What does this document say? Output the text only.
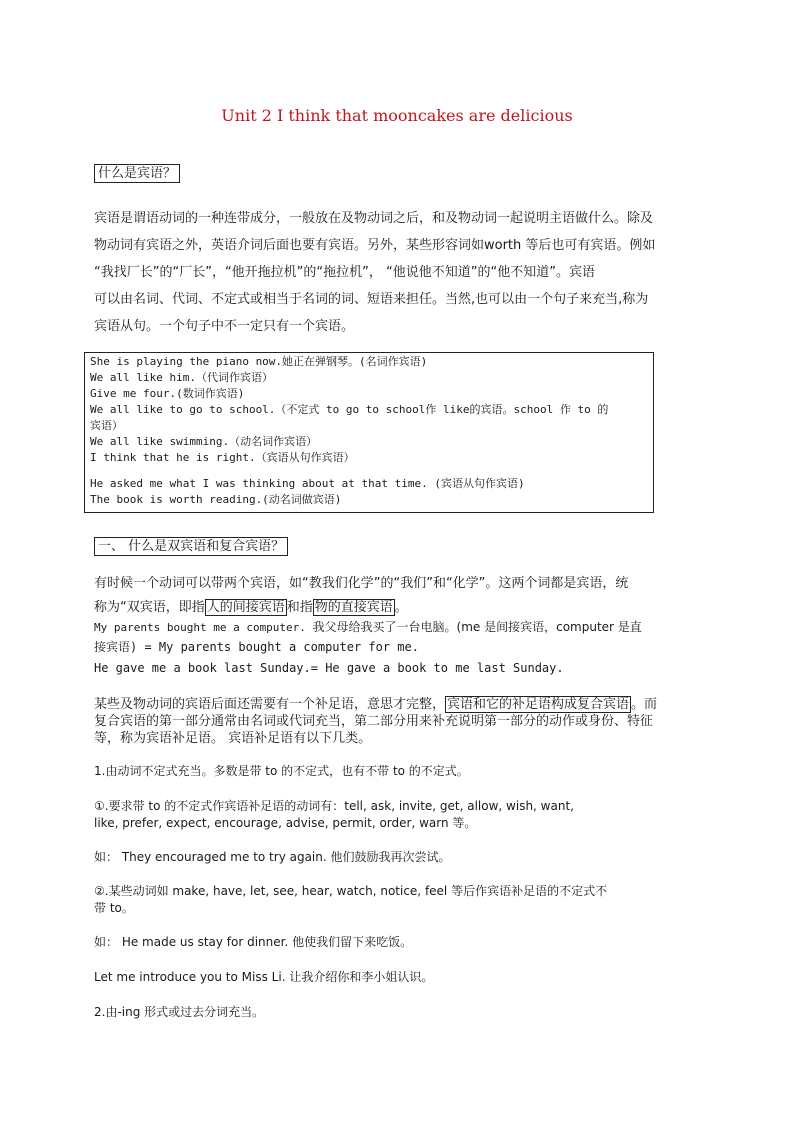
Unit 2 I think that mooncakes are delicious
什么是宾语？

宾语是谓语动词的一种连带成分，一般放在及物动词之后，和及物动词一起说明主语做什么。除及

物动词有宾语之外，英语介词后面也要有宾语。另外，某些形容词如worth 等后也可有宾语。例如

“我找厂长”的“厂长”，“他开拖拉机”的“拖拉机”， “他说他不知道”的“他不知道”。宾语

可以由名词、代词、不定式或相当于名词的词、短语来担任。当然,也可以由一个句子来充当,称为

宾语从句。一个句子中不一定只有一个宾语。

She is playing the piano now.她正在弹钢琴。(名词作宾语)
We all like him.（代词作宾语）
Give me four.(数词作宾语)
We all like to go to school.（不定式 to go to school作 like的宾语。school 作 to 的
宾语）
We all like swimming.（动名词作宾语）
I think that he is right.（宾语从句作宾语）
He asked me what I was thinking about at that time. (宾语从句作宾语)
The book is worth reading.(动名词做宾语)
一、 什么是双宾语和复合宾语？

有时候一个动词可以带两个宾语，如“教我们化学”的“我们”和“化学”。这两个词都是宾语，统

称为“双宾语，即指 人的间接宾语 和指 物的直接宾语 。

My parents bought me a computer. 我父母给我买了一台电脑。(me 是间接宾语，computer 是直

接宾语) = My parents bought a computer for me.

He gave me a book last Sunday.= He gave a book to me last Sunday.

某些及物动词的宾语后面还需要有一个补足语，意思才完整， 宾语和它的补足语构成复合宾语 。而

复合宾语的第一部分通常由名词或代词充当，第二部分用来补充说明第一部分的动作或身份、特征

等，称为宾语补足语。 宾语补足语有以下几类。

1.由动词不定式充当。多数是带 to 的不定式，也有不带 to 的不定式。

①.要求带 to 的不定式作宾语补足语的动词有：tell, ask, invite, get, allow, wish, want,

like, prefer, expect, encourage, advise, permit, order, warn 等。

如： They encouraged me to try again. 他们鼓励我再次尝试。

②.某些动词如 make, have, let, see, hear, watch, notice, feel 等后作宾语补足语的不定式不

带 to。

如： He made us stay for dinner. 他使我们留下来吃饭。

Let me introduce you to Miss Li. 让我介绍你和李小姐认识。

2.由-ing 形式或过去分词充当。
